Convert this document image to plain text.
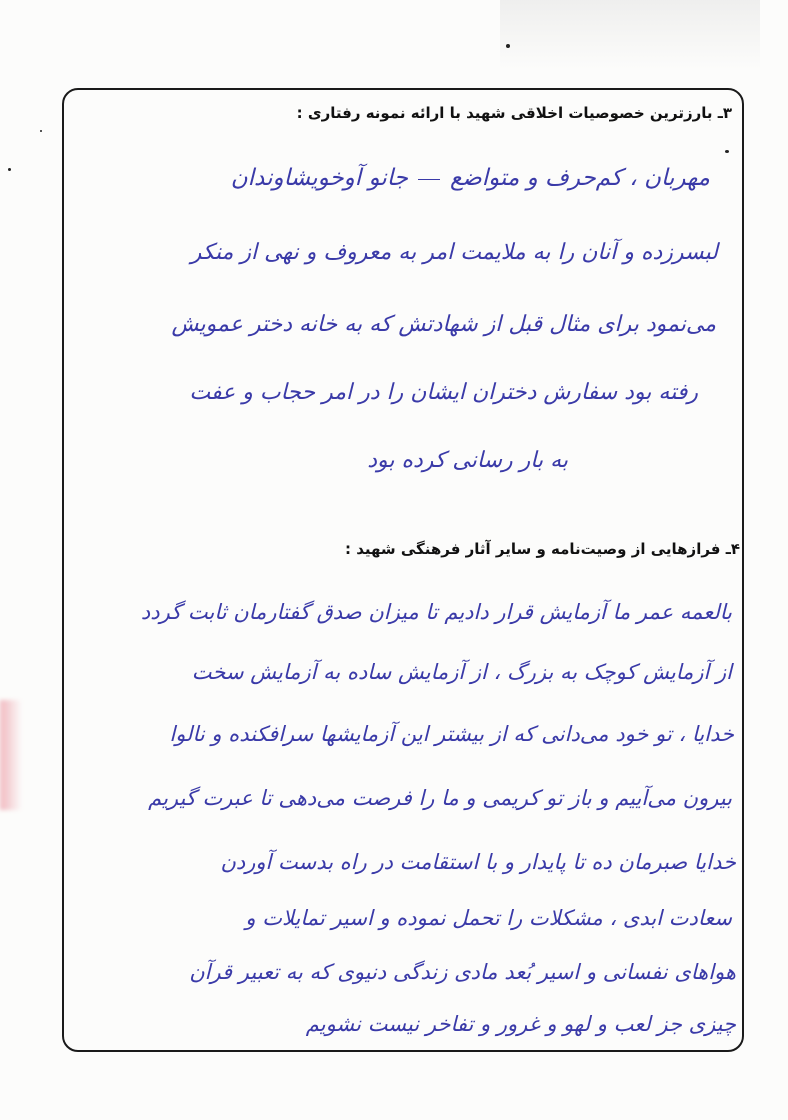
۳ـ بارزترین خصوصیات اخلاقی شهید با ارائه نمونه رفتاری :
مهربان ، کم‌حرف و متواضعجانو آوخویشاوندان
لبسرزده و آنان را به ملایمت امر به معروف و نهی از منکر
می‌نمود برای مثال قبل از شهادتش که به خانه دختر عمویش
رفته بود سفارش دختران ایشان را در امر حجاب و عفت
به بار رسانی کرده بود
۴ـ فرازهایی از وصیت‌نامه و سایر آثار فرهنگی شهید :
بالعمه عمر ما آزمایش قرار دادیم تا میزان صدق گفتارمان ثابت گردد
از آزمایش کوچک به بزرگ ، از آزمایش ساده به آزمایش سخت
خدایا ، تو خود می‌دانی که از بیشتر این آزمایشها سرافکنده و نالوا
بیرون می‌آییم و باز تو کریمی و ما را فرصت می‌دهی تا عبرت گیریم
خدایا صبرمان ده تا پایدار و با استقامت در راه بدست آوردن
سعادت ابدی ، مشکلات را تحمل نموده و اسیر تمایلات و
هواهای نفسانی و اسیر بُعد مادی زندگی دنیوی که به تعبیر قرآن
چیزی جز لعب و لهو و غرور و تفاخر نیست نشویم
